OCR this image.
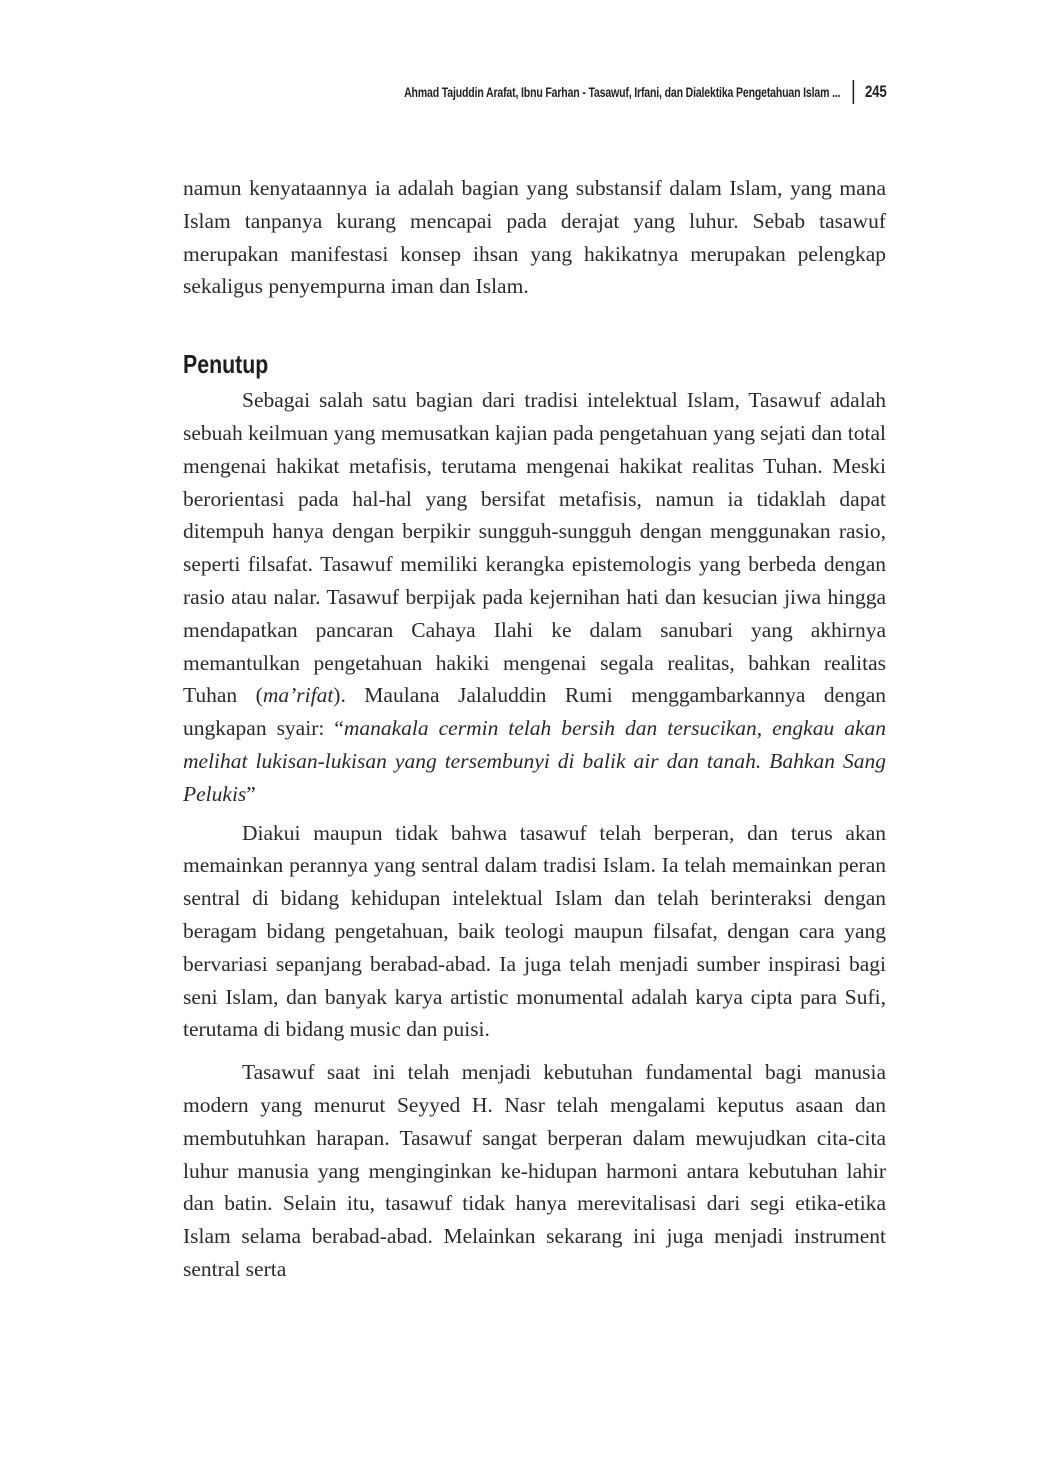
Ahmad Tajuddin Arafat, Ibnu Farhan - Tasawuf, Irfani, dan Dialektika Pengetahuan Islam ... 245

namun kenyataannya ia adalah bagian yang substansif dalam Islam, yang mana Islam tanpanya kurang mencapai pada derajat yang luhur. Sebab tasawuf merupakan manifestasi konsep ihsan yang hakikatnya merupakan pelengkap sekaligus penyempurna iman dan Islam.

Penutup

Sebagai salah satu bagian dari tradisi intelektual Islam, Tasawuf adalah sebuah keilmuan yang memusatkan kajian pada pengetahuan yang sejati dan total mengenai hakikat metafisis, terutama mengenai hakikat realitas Tuhan. Meski berorientasi pada hal-hal yang bersifat metafisis, namun ia tidaklah dapat ditempuh hanya dengan berpikir sungguh-sungguh dengan menggunakan rasio, seperti filsafat. Tasawuf memiliki kerangka epistemologis yang berbeda dengan rasio atau nalar. Tasawuf berpijak pada kejernihan hati dan kesucian jiwa hingga mendapatkan pancaran Cahaya Ilahi ke dalam sanubari yang akhirnya memantulkan pengetahuan hakiki mengenai segala realitas, bahkan realitas Tuhan (ma’rifat). Maulana Jalaluddin Rumi menggambarkannya dengan ungkapan syair: “manakala cermin telah bersih dan tersucikan, engkau akan melihat lukisan-lukisan yang tersembunyi di balik air dan tanah. Bahkan Sang Pelukis”

Diakui maupun tidak bahwa tasawuf telah berperan, dan terus akan memainkan perannya yang sentral dalam tradisi Islam. Ia telah memainkan peran sentral di bidang kehidupan intelektual Islam dan telah berinteraksi dengan beragam bidang pengetahuan, baik teologi maupun filsafat, dengan cara yang bervariasi sepanjang berabad-abad. Ia juga telah menjadi sumber inspirasi bagi seni Islam, dan banyak karya artistic monumental adalah karya cipta para Sufi, terutama di bidang music dan puisi.

Tasawuf saat ini telah menjadi kebutuhan fundamental bagi manusia modern yang menurut Seyyed H. Nasr telah mengalami keputus asaan dan membutuhkan harapan. Tasawuf sangat berperan dalam mewujudkan cita-cita luhur manusia yang menginginkan ke-hidupan harmoni antara kebutuhan lahir dan batin. Selain itu, tasawuf tidak hanya merevitalisasi dari segi etika-etika Islam selama berabad-abad. Melainkan sekarang ini juga menjadi instrument sentral serta
